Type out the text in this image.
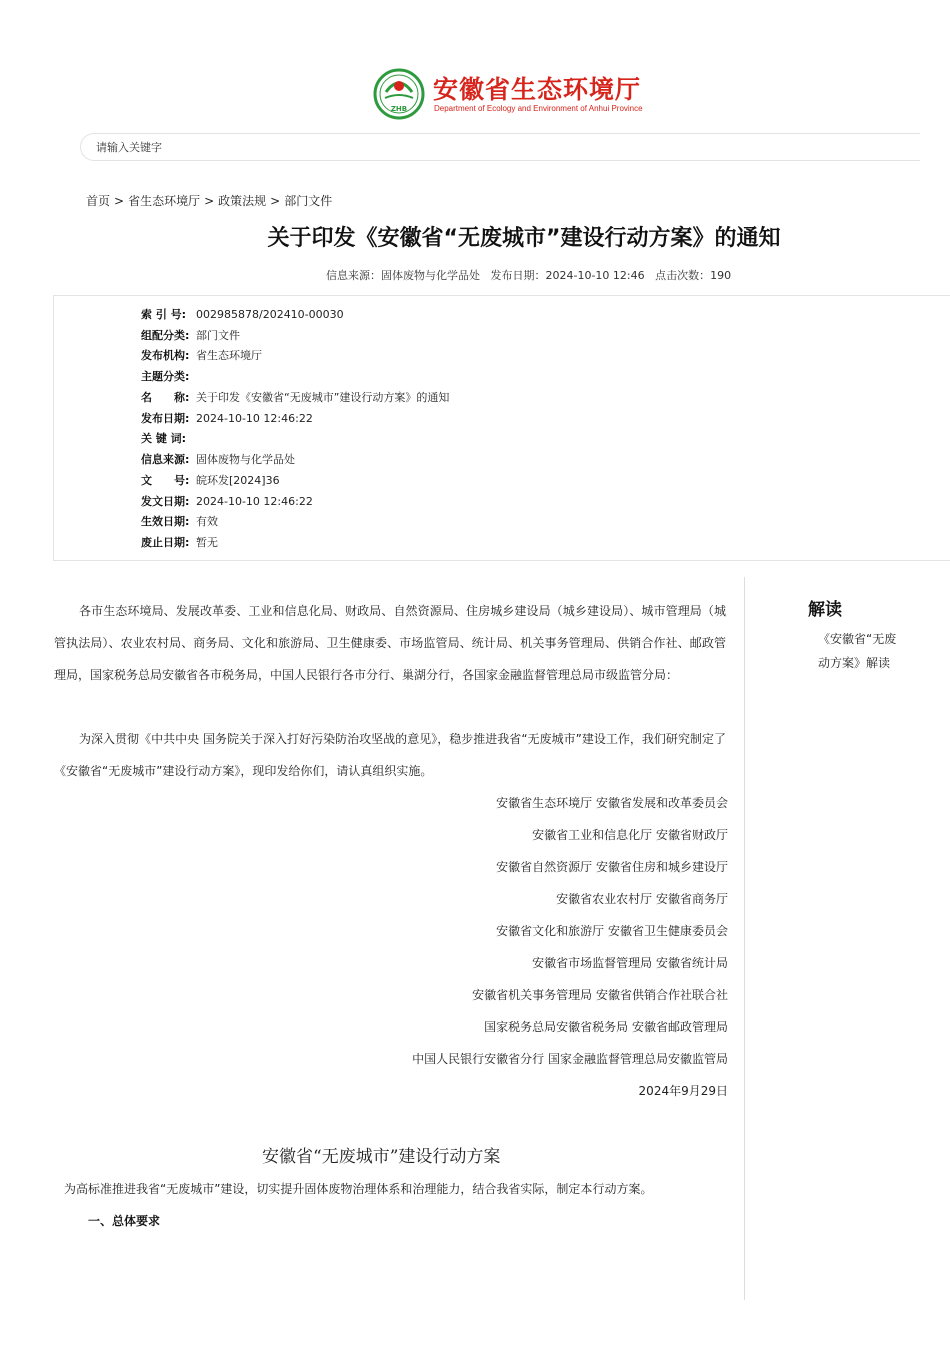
ZHB
安徽省生态环境厅
Department of Ecology and Environment of Anhui Province
请输入关键字
首页 > 省生态环境厅 > 政策法规 > 部门文件
关于印发《安徽省“无废城市”建设行动方案》的通知
信息来源：固体废物与化学品处 发布日期：2024-10-10 12:46 点击次数：190
索 引 号: 002985878/202410-00030
组配分类: 部门文件
发布机构: 省生态环境厅
主题分类:
名　　称: 关于印发《安徽省“无废城市”建设行动方案》的通知
发布日期: 2024-10-10 12:46:22
关 键 词:
信息来源: 固体废物与化学品处
文　　号: 皖环发[2024]36
发文日期: 2024-10-10 12:46:22
生效日期: 有效
废止日期: 暂无
解读
《安徽省“无废
动方案》解读
各市生态环境局、发展改革委、工业和信息化局、财政局、自然资源局、住房城乡建设局（城乡建设局）、城市管理局（城管执法局）、农业农村局、商务局、文化和旅游局、卫生健康委、市场监管局、统计局、机关事务管理局、供销合作社、邮政管理局，国家税务总局安徽省各市税务局，中国人民银行各市分行、巢湖分行，各国家金融监督管理总局市级监管分局：
为深入贯彻《中共中央 国务院关于深入打好污染防治攻坚战的意见》，稳步推进我省“无废城市”建设工作，我们研究制定了《安徽省“无废城市”建设行动方案》，现印发给你们，请认真组织实施。
安徽省生态环境厅 安徽省发展和改革委员会
安徽省工业和信息化厅 安徽省财政厅
安徽省自然资源厅 安徽省住房和城乡建设厅
安徽省农业农村厅 安徽省商务厅
安徽省文化和旅游厅 安徽省卫生健康委员会
安徽省市场监督管理局 安徽省统计局
安徽省机关事务管理局 安徽省供销合作社联合社
国家税务总局安徽省税务局 安徽省邮政管理局
中国人民银行安徽省分行 国家金融监督管理总局安徽监管局
2024年9月29日
安徽省“无废城市”建设行动方案
为高标准推进我省“无废城市”建设，切实提升固体废物治理体系和治理能力，结合我省实际，制定本行动方案。
一、总体要求
